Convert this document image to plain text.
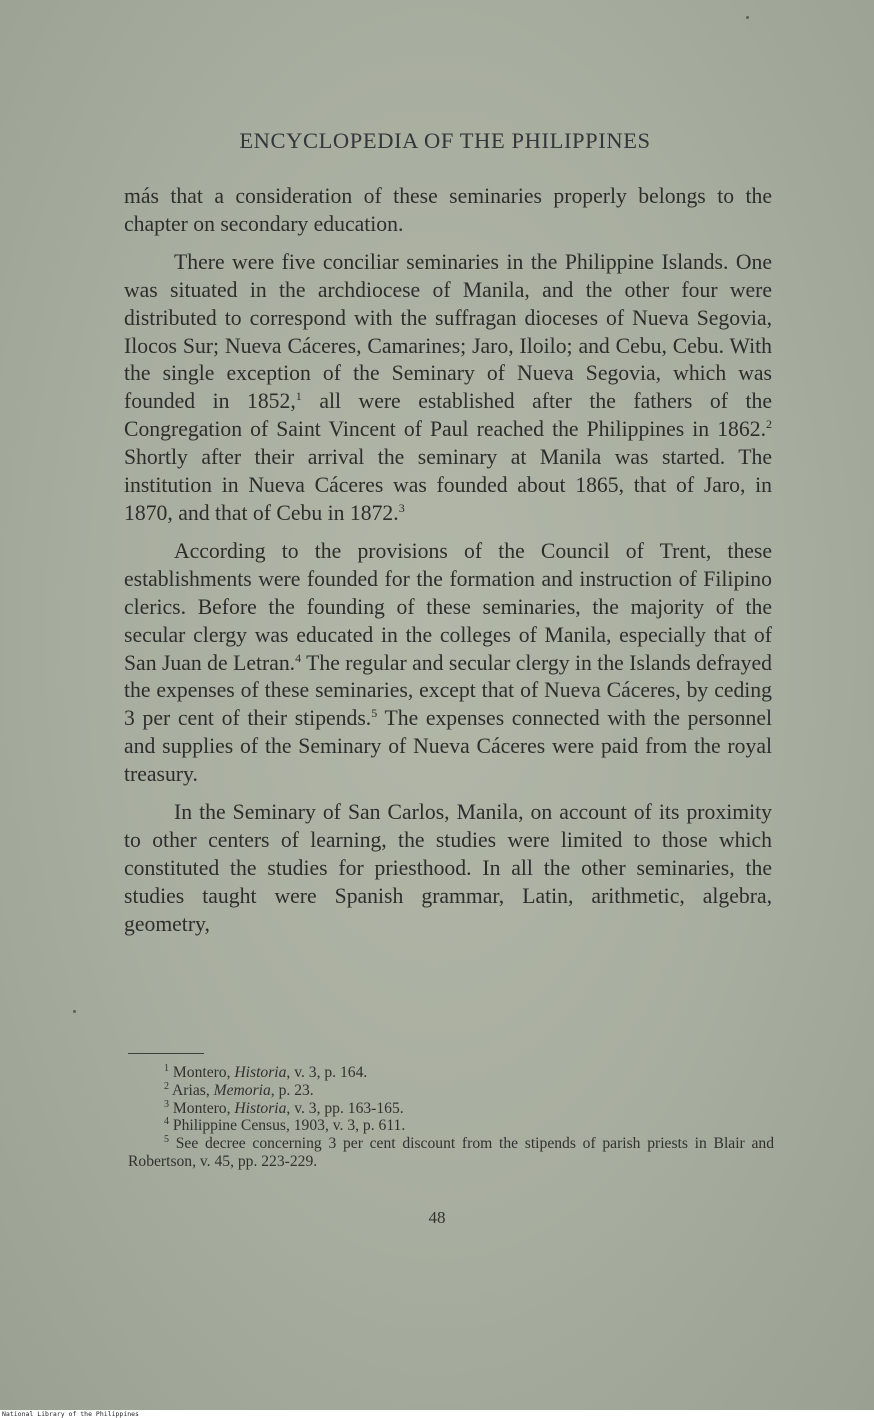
ENCYCLOPEDIA OF THE PHILIPPINES

más that a consideration of these seminaries properly belongs to the chapter on secondary education.

There were five conciliar seminaries in the Philippine Islands. One was situated in the archdiocese of Manila, and the other four were distributed to correspond with the suffragan dioceses of Nueva Segovia, Ilocos Sur; Nueva Cáceres, Camarines; Jaro, Iloilo; and Cebu, Cebu. With the single exception of the Seminary of Nueva Segovia, which was founded in 1852,$^1$ all were established after the fathers of the Congregation of Saint Vincent of Paul reached the Philippines in 1862.$^2$ Shortly after their arrival the seminary at Manila was started. The institution in Nueva Cáceres was founded about 1865, that of Jaro, in 1870, and that of Cebu in 1872.$^3$

According to the provisions of the Council of Trent, these establishments were founded for the formation and instruction of Filipino clerics. Before the founding of these seminaries, the majority of the secular clergy was educated in the colleges of Manila, especially that of San Juan de Letran.$^4$ The regular and secular clergy in the Islands defrayed the expenses of these seminaries, except that of Nueva Cáceres, by ceding 3 per cent of their stipends.$^5$ The expenses connected with the personnel and supplies of the Seminary of Nueva Cáceres were paid from the royal treasury.

In the Seminary of San Carlos, Manila, on account of its proximity to other centers of learning, the studies were limited to those which constituted the studies for priesthood. In all the other seminaries, the studies taught were Spanish grammar, Latin, arithmetic, algebra, geometry,

$^1$ Montero, Historia, v. 3, p. 164.

$^2$ Arias, Memoria, p. 23.

$^3$ Montero, Historia, v. 3, pp. 163-165.

$^4$ Philippine Census, 1903, v. 3, p. 611.

$^5$ See decree concerning 3 per cent discount from the stipends of parish priests in Blair and Robertson, v. 45, pp. 223-229.

48
National Library of the Philippines
